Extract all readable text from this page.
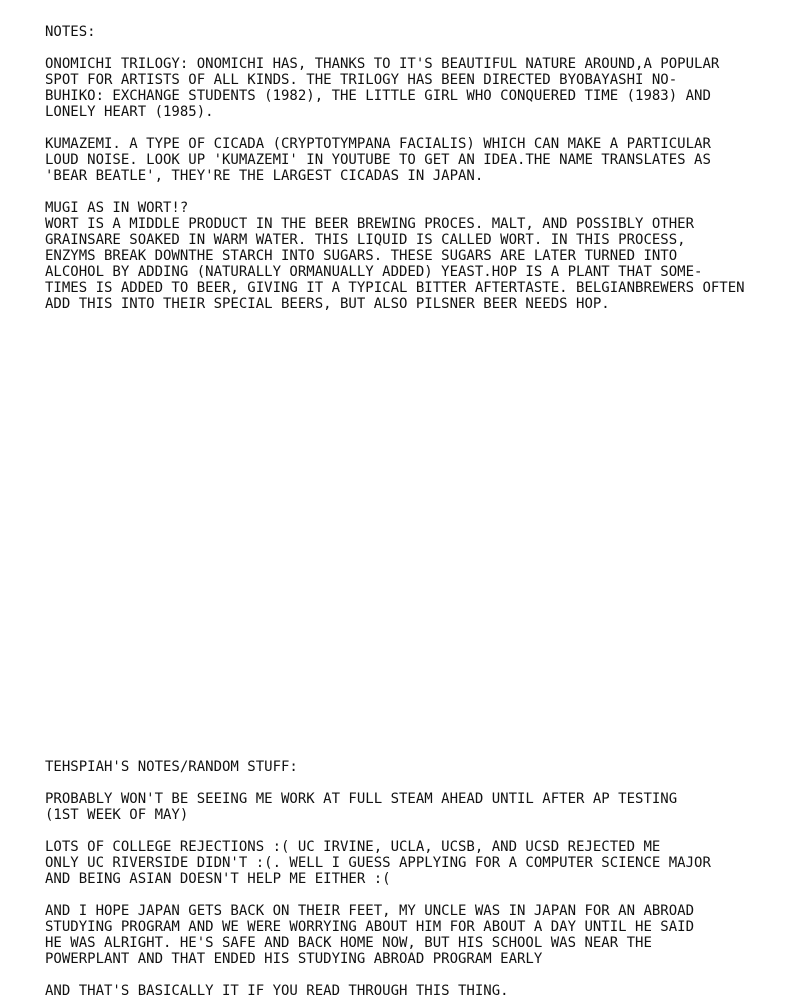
NOTES:

ONOMICHI TRILOGY: ONOMICHI HAS, THANKS TO IT'S BEAUTIFUL NATURE AROUND,A POPULAR
SPOT FOR ARTISTS OF ALL KINDS. THE TRILOGY HAS BEEN DIRECTED BYOBAYASHI NO-
BUHIKO: EXCHANGE STUDENTS (1982), THE LITTLE GIRL WHO CONQUERED TIME (1983) AND
LONELY HEART (1985).

KUMAZEMI. A TYPE OF CICADA (CRYPTOTYMPANA FACIALIS) WHICH CAN MAKE A PARTICULAR
LOUD NOISE. LOOK UP 'KUMAZEMI' IN YOUTUBE TO GET AN IDEA.THE NAME TRANSLATES AS
'BEAR BEATLE', THEY'RE THE LARGEST CICADAS IN JAPAN.

MUGI AS IN WORT!?

WORT IS A MIDDLE PRODUCT IN THE BEER BREWING PROCES. MALT, AND POSSIBLY OTHER
GRAINSARE SOAKED IN WARM WATER. THIS LIQUID IS CALLED WORT. IN THIS PROCESS,
ENZYMS BREAK DOWNTHE STARCH INTO SUGARS. THESE SUGARS ARE LATER TURNED INTO
ALCOHOL BY ADDING (NATURALLY ORMANUALLY ADDED) YEAST.HOP IS A PLANT THAT SOME-
TIMES IS ADDED TO BEER, GIVING IT A TYPICAL BITTER AFTERTASTE. BELGIANBREWERS OFTEN
ADD THIS INTO THEIR SPECIAL BEERS, BUT ALSO PILSNER BEER NEEDS HOP.

TEHSPIAH'S NOTES/RANDOM STUFF:

PROBABLY WON'T BE SEEING ME WORK AT FULL STEAM AHEAD UNTIL AFTER AP TESTING
(1ST WEEK OF MAY)

LOTS OF COLLEGE REJECTIONS :( UC IRVINE, UCLA, UCSB, AND UCSD REJECTED ME
ONLY UC RIVERSIDE DIDN'T :(. WELL I GUESS APPLYING FOR A COMPUTER SCIENCE MAJOR
AND BEING ASIAN DOESN'T HELP ME EITHER :(

AND I HOPE JAPAN GETS BACK ON THEIR FEET, MY UNCLE WAS IN JAPAN FOR AN ABROAD
STUDYING PROGRAM AND WE WERE WORRYING ABOUT HIM FOR ABOUT A DAY UNTIL HE SAID
HE WAS ALRIGHT. HE'S SAFE AND BACK HOME NOW, BUT HIS SCHOOL WAS NEAR THE
POWERPLANT AND THAT ENDED HIS STUDYING ABROAD PROGRAM EARLY

AND THAT'S BASICALLY IT IF YOU READ THROUGH THIS THING.
